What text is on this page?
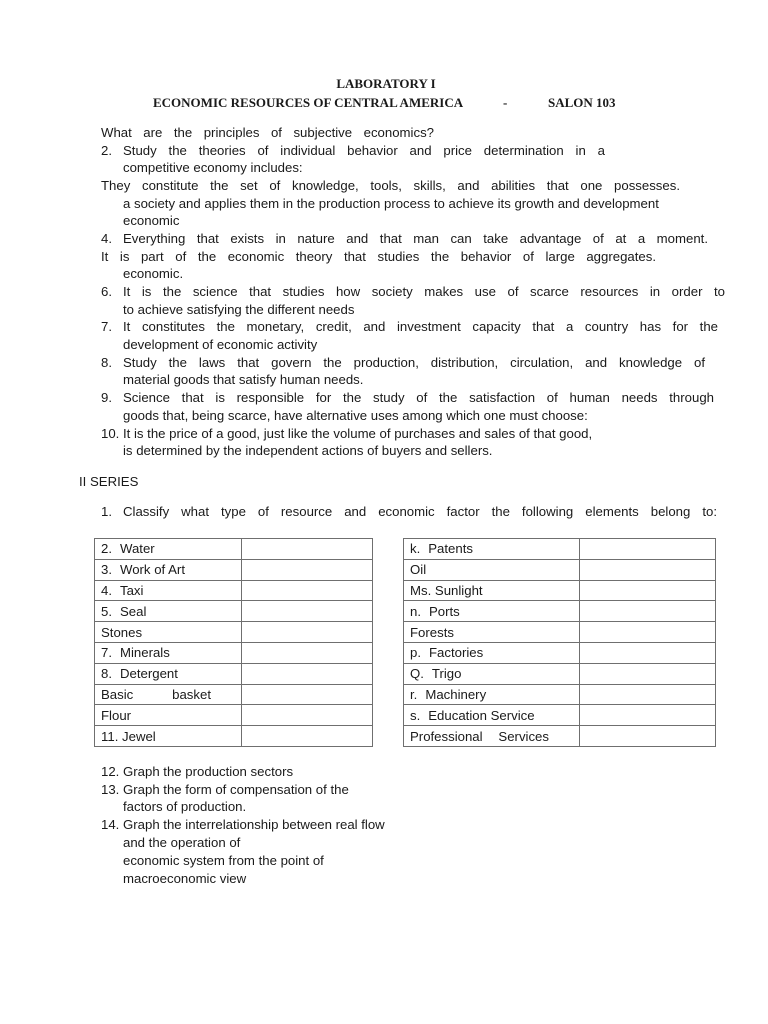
LABORATORY I
ECONOMIC RESOURCES OF CENTRAL AMERICA	-	SALON 103
What are the principles of subjective economics?
2. Study the theories of individual behavior and price determination in a
competitive economy includes:
They constitute the set of knowledge, tools, skills, and abilities that one possesses.
a society and applies them in the production process to achieve its growth and development
economic
4. Everything that exists in nature and that man can take advantage of at a moment.
It is part of the economic theory that studies the behavior of large aggregates.
economic.
6. It is the science that studies how society makes use of scarce resources in order to
to achieve satisfying the different needs
7. It constitutes the monetary, credit, and investment capacity that a country has for the
development of economic activity
8. Study the laws that govern the production, distribution, circulation, and knowledge of
material goods that satisfy human needs.
9. Science that is responsible for the study of the satisfaction of human needs through
goods that, being scarce, have alternative uses among which one must choose:
10. It is the price of a good, just like the volume of purchases and sales of that good,
is determined by the independent actions of buyers and sellers.
II SERIES
1. Classify what type of resource and economic factor the following elements belong to:
2. Water	
3. Work of Art	
4. Taxi	
5. Seal	
Stones	
7. Minerals	
8. Detergent	

Basic basket	

Flour	
11. Jewel	
k. Patents	
Oil	
Ms. Sunlight	
n. Ports	
Forests	
p. Factories	
Q. Trigo	
r. Machinery	
s. Education Service	

Professional Services	

12. Graph the production sectors
13. Graph the form of compensation of the
factors of production.
14. Graph the interrelationship between real flow
and the operation of
economic system from the point of
macroeconomic view
